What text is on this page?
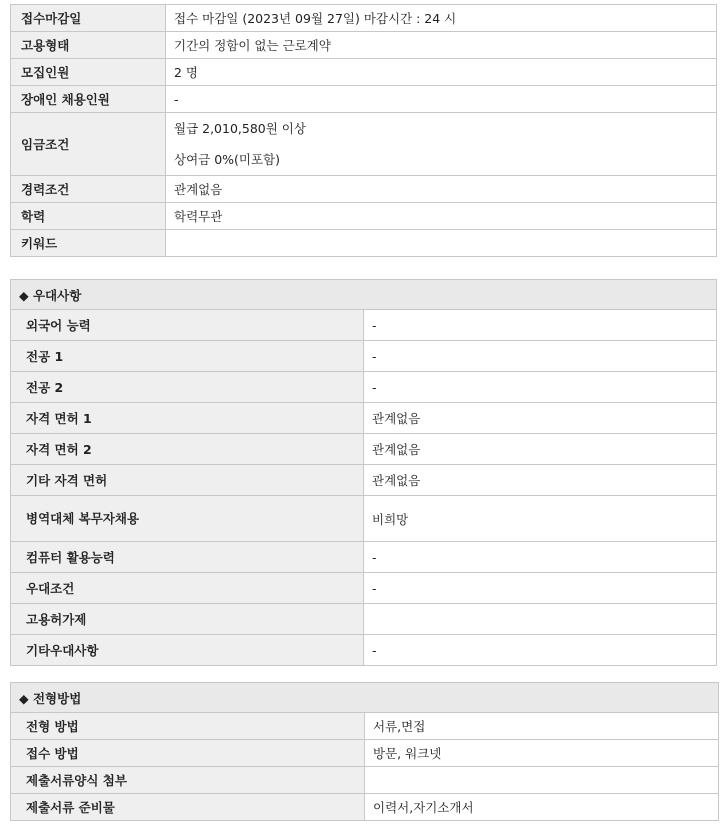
접수마감일	접수 마감일 (2023년 09월 27일) 마감시간 : 24 시
고용형태	기간의 정함이 없는 근로계약
모집인원	2 명
장애인 채용인원	-
임금조건	월급 2,010,580원 이상
상여금 0%(미포함)

경력조건	관계없음
학력	학력무관
키워드	
◆ 우대사항	
외국어 능력	-
전공 1	-
전공 2	-
자격 면허 1	관계없음
자격 면허 2	관계없음
기타 자격 면허	관계없음
병역대체 복무자채용	비희망
컴퓨터 활용능력	-
우대조건	-
고용허가제	
기타우대사항	-
◆ 전형방법	
전형 방법	서류,면접
접수 방법	방문, 워크넷
제출서류양식 첨부	
제출서류 준비물	이력서,자기소개서
